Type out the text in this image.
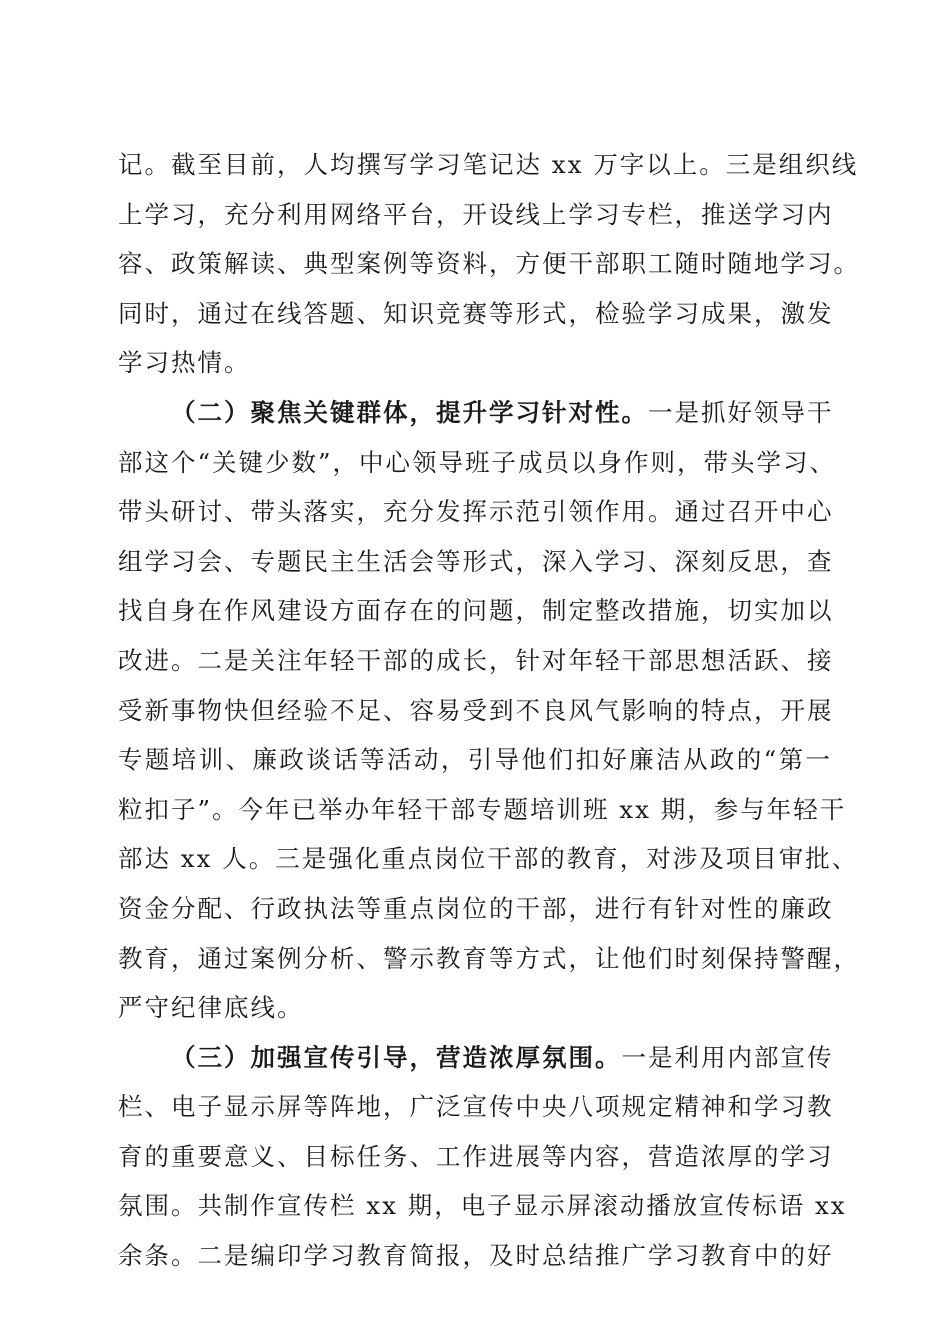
记。截至目前，人均撰写学习笔记达 xx 万字以上。三是组织线
上学习，充分利用网络平台，开设线上学习专栏，推送学习内
容、政策解读、典型案例等资料，方便干部职工随时随地学习。
同时，通过在线答题、知识竞赛等形式，检验学习成果，激发
学习热情。
（二）聚焦关键群体，提升学习针对性。一是抓好领导干
部这个“关键少数”，中心领导班子成员以身作则，带头学习、
带头研讨、带头落实，充分发挥示范引领作用。通过召开中心
组学习会、专题民主生活会等形式，深入学习、深刻反思，查
找自身在作风建设方面存在的问题，制定整改措施，切实加以
改进。二是关注年轻干部的成长，针对年轻干部思想活跃、接
受新事物快但经验不足、容易受到不良风气影响的特点，开展
专题培训、廉政谈话等活动，引导他们扣好廉洁从政的“第一
粒扣子”。今年已举办年轻干部专题培训班 xx 期，参与年轻干
部达 xx 人。三是强化重点岗位干部的教育，对涉及项目审批、
资金分配、行政执法等重点岗位的干部，进行有针对性的廉政
教育，通过案例分析、警示教育等方式，让他们时刻保持警醒，
严守纪律底线。
（三）加强宣传引导，营造浓厚氛围。一是利用内部宣传
栏、电子显示屏等阵地，广泛宣传中央八项规定精神和学习教
育的重要意义、目标任务、工作进展等内容，营造浓厚的学习
氛围。共制作宣传栏 xx 期，电子显示屏滚动播放宣传标语 xx
余条。二是编印学习教育简报，及时总结推广学习教育中的好
